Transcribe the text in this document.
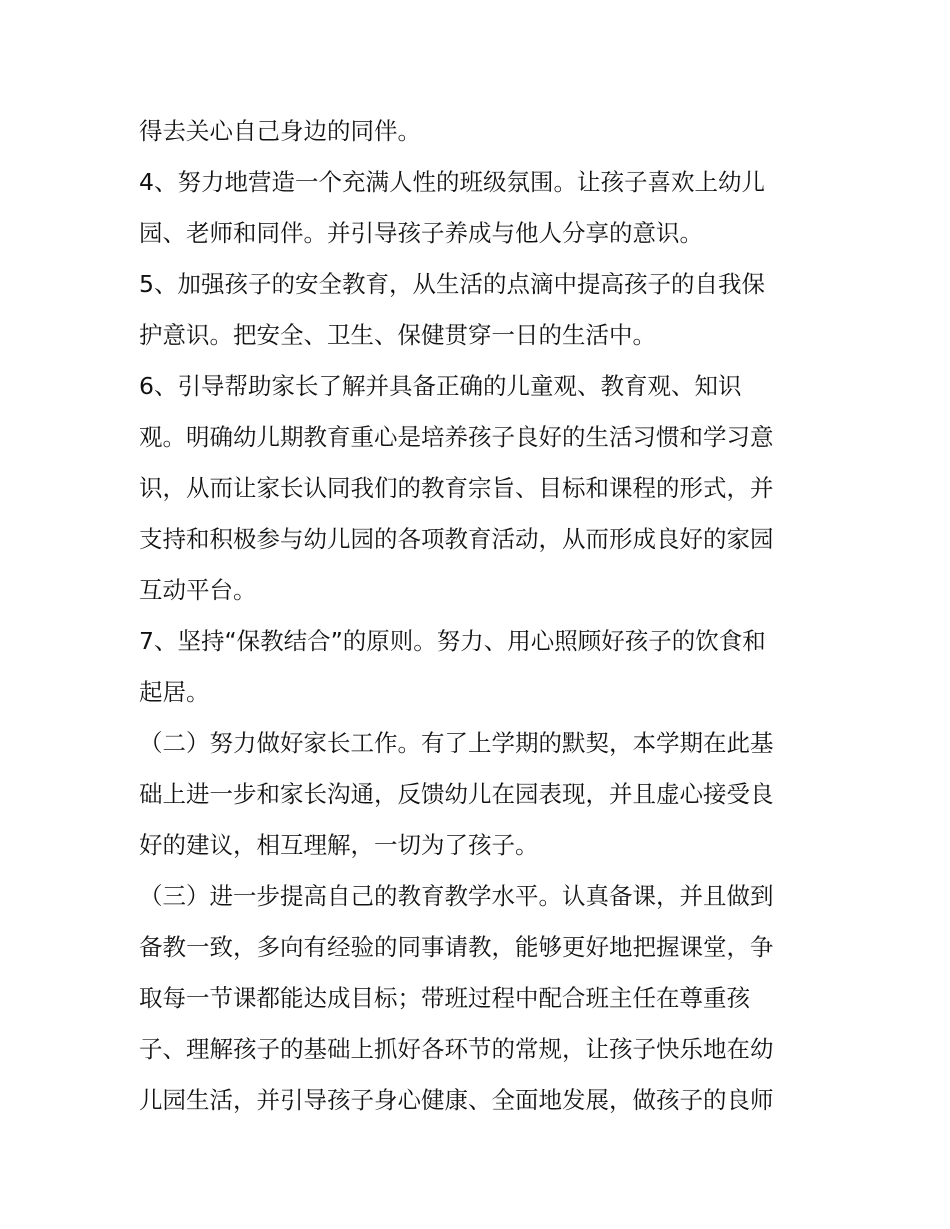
得去关心自己身边的同伴。

4、努力地营造一个充满人性的班级氛围。让孩子喜欢上幼儿

园、老师和同伴。并引导孩子养成与他人分享的意识。

5、加强孩子的安全教育，从生活的点滴中提高孩子的自我保

护意识。把安全、卫生、保健贯穿一日的生活中。

6、引导帮助家长了解并具备正确的儿童观、教育观、知识

观。明确幼儿期教育重心是培养孩子良好的生活习惯和学习意

识，从而让家长认同我们的教育宗旨、目标和课程的形式，并

支持和积极参与幼儿园的各项教育活动，从而形成良好的家园

互动平台。

7、坚持“保教结合”的原则。努力、用心照顾好孩子的饮食和

起居。

（二）努力做好家长工作。有了上学期的默契，本学期在此基

础上进一步和家长沟通，反馈幼儿在园表现，并且虚心接受良

好的建议，相互理解，一切为了孩子。

（三）进一步提高自己的教育教学水平。认真备课，并且做到

备教一致，多向有经验的同事请教，能够更好地把握课堂，争

取每一节课都能达成目标；带班过程中配合班主任在尊重孩

子、理解孩子的基础上抓好各环节的常规，让孩子快乐地在幼

儿园生活，并引导孩子身心健康、全面地发展，做孩子的良师
